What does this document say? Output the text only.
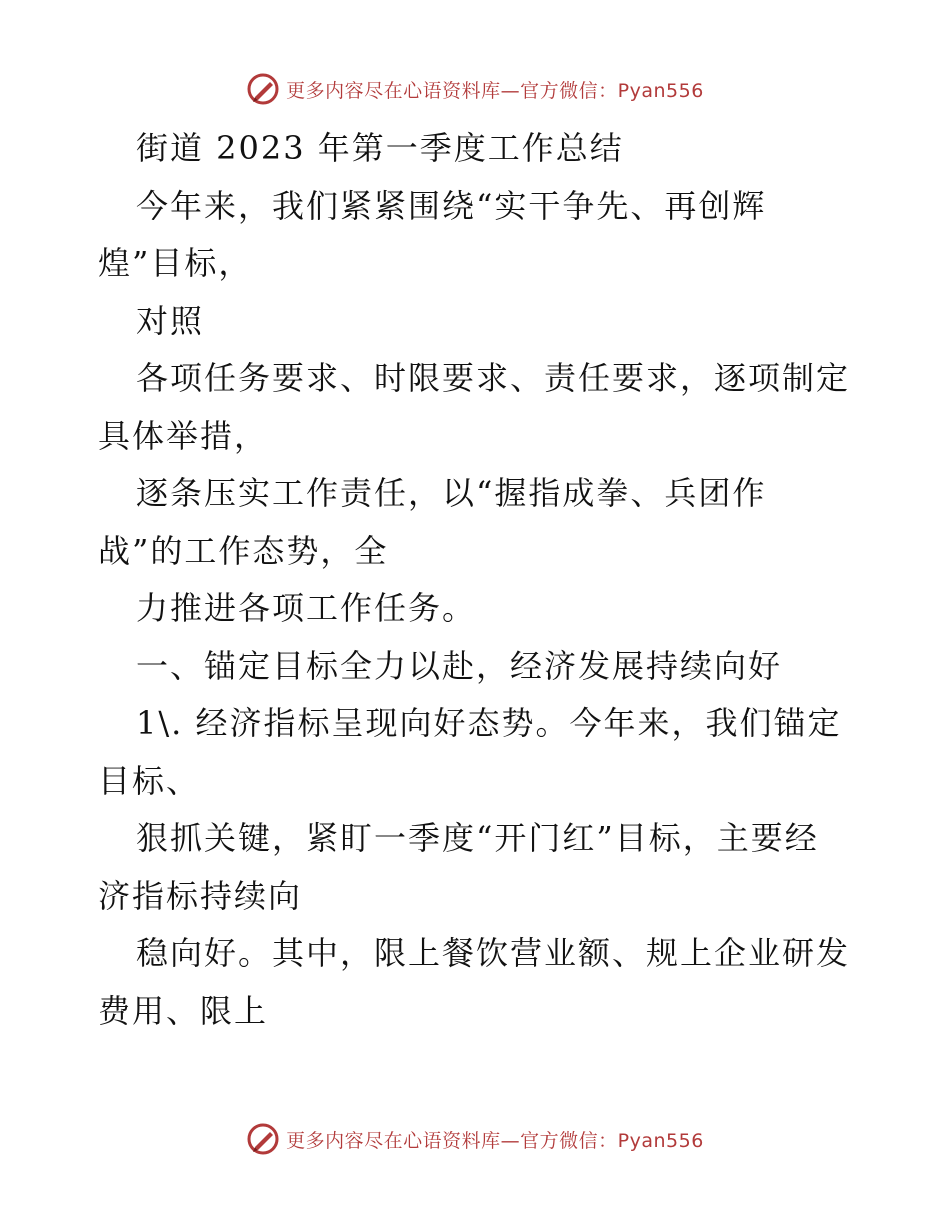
更多内容尽在心语资料库—官方微信：Pyan556
街道 2023 年第一季度工作总结
今年来，我们紧紧围绕“实干争先、再创辉
煌”目标，
对照
各项任务要求、时限要求、责任要求，逐项制定
具体举措，
逐条压实工作责任，以“握指成拳、兵团作
战”的工作态势，全
力推进各项工作任务。
一、锚定目标全力以赴，经济发展持续向好
1\. 经济指标呈现向好态势。今年来，我们锚定
目标、
狠抓关键，紧盯一季度“开门红”目标，主要经
济指标持续向
稳向好。其中，限上餐饮营业额、规上企业研发
费用、限上
更多内容尽在心语资料库—官方微信：Pyan556
